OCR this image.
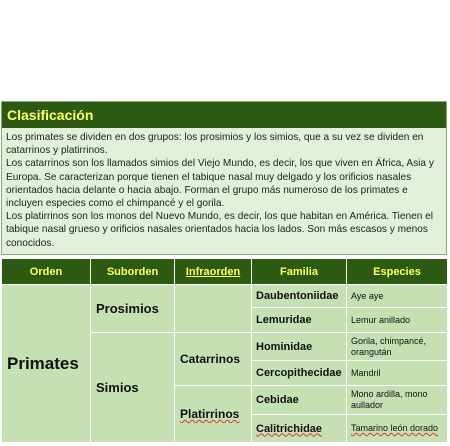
Clasificación

Los primates se dividen en dos grupos: los prosimios y los simios, que a su vez se dividen en catarrinos y platirrinos.

Los catarrinos son los llamados simios del Viejo Mundo, es decir, los que viven en África, Asia y Europa. Se caracterizan porque tienen el tabique nasal muy delgado y los orificios nasales orientados hacia delante o hacia abajo. Forman el grupo más numeroso de los primates e incluyen especies como el chimpancé y el gorila.

Los platirrinos son los monos del Nuevo Mundo, es decir, los que habitan en América. Tienen el tabique nasal grueso y orificios nasales orientados hacia los lados. Son más escasos y menos conocidos.

Orden	Suborden	Infraorden	Familia	Especies
Primates	Prosimios		Daubentoniidae	Aye aye
			Lemuridae	Lemur anillado
	Simios	Catarrinos	Hominidae	Gorila, chimpancé, orangután
			Cercopithecidae	Mandril
		Platirrinos	Cebidae	Mono ardilla, mono aullador
			Calitrichidae	Tamarino león dorado
